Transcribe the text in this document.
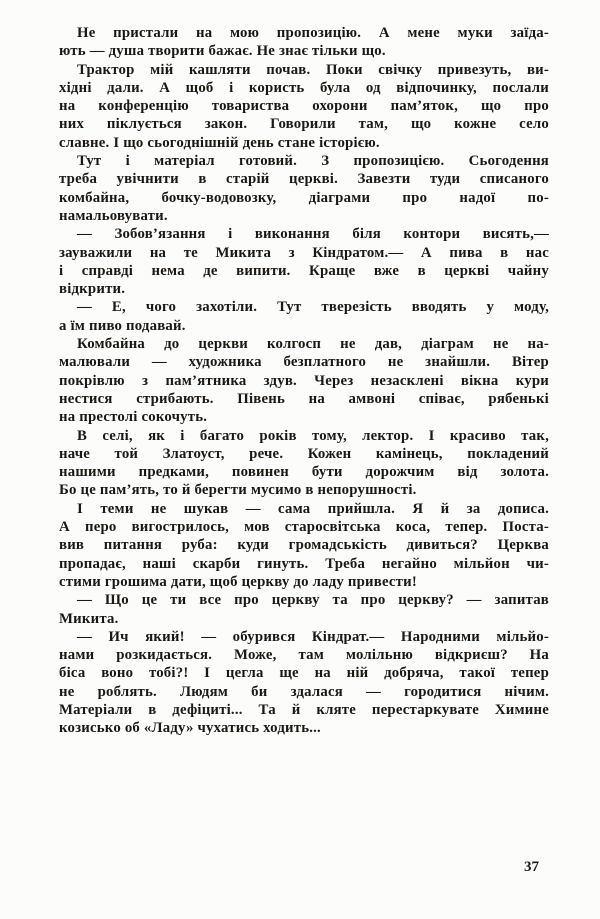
Не пристали на мою пропозицію. А мене муки заїда-
ють — душа творити бажає. Не знає тільки що.
Трактор мій кашляти почав. Поки свічку привезуть, ви-
хідні дали. А щоб і користь була од відпочинку, послали
на конференцію товариства охорони пам’яток, що про
них піклується закон. Говорили там, що кожне село
славне. І що сьогоднішній день стане історією.
Тут і матеріал готовий. З пропозицією. Сьогодення
треба увічнити в старій церкві. Завезти туди списаного
комбайна, бочку-водовозку, діаграми про надої по-
намальовувати.
— Зобов’язання і виконання біля контори висять,—
зауважили на те Микита з Кіндратом.— А пива в нас
і справді нема де випити. Краще вже в церкві чайну
відкрити.
— Е, чого захотіли. Тут тверезість вводять у моду,
а їм пиво подавай.
Комбайна до церкви колгосп не дав, діаграм не на-
малювали — художника безплатного не знайшли. Вітер
покрівлю з пам’ятника здув. Через незасклені вікна кури
нестися стрибають. Півень на амвоні співає, рябенькі
на престолі сокочуть.
В селі, як і багато років тому, лектор. І красиво так,
наче той Златоуст, рече. Кожен камінець, покладений
нашими предками, повинен бути дорожчим від золота.
Бо це пам’ять, то й берегти мусимо в непорушності.
І теми не шукав — сама прийшла. Я й за дописа.
А перо вигострилось, мов старосвітська коса, тепер. Поста-
вив питання руба: куди громадськість дивиться? Церква
пропадає, наші скарби гинуть. Треба негайно мільйон чи-
стими грошима дати, щоб церкву до ладу привести!
— Що це ти все про церкву та про церкву? — запитав
Микита.
— Ич який! — обурився Кіндрат.— Народними мільйо-
нами розкидається. Може, там молільню відкриєш? На
біса воно тобі?! І цегла ще на ній добряча, такої тепер
не роблять. Людям би здалася — городитися нічим.
Матеріали в дефіциті... Та й кляте перестаркувате Химине
козисько об «Ладу» чухатись ходить...
37
